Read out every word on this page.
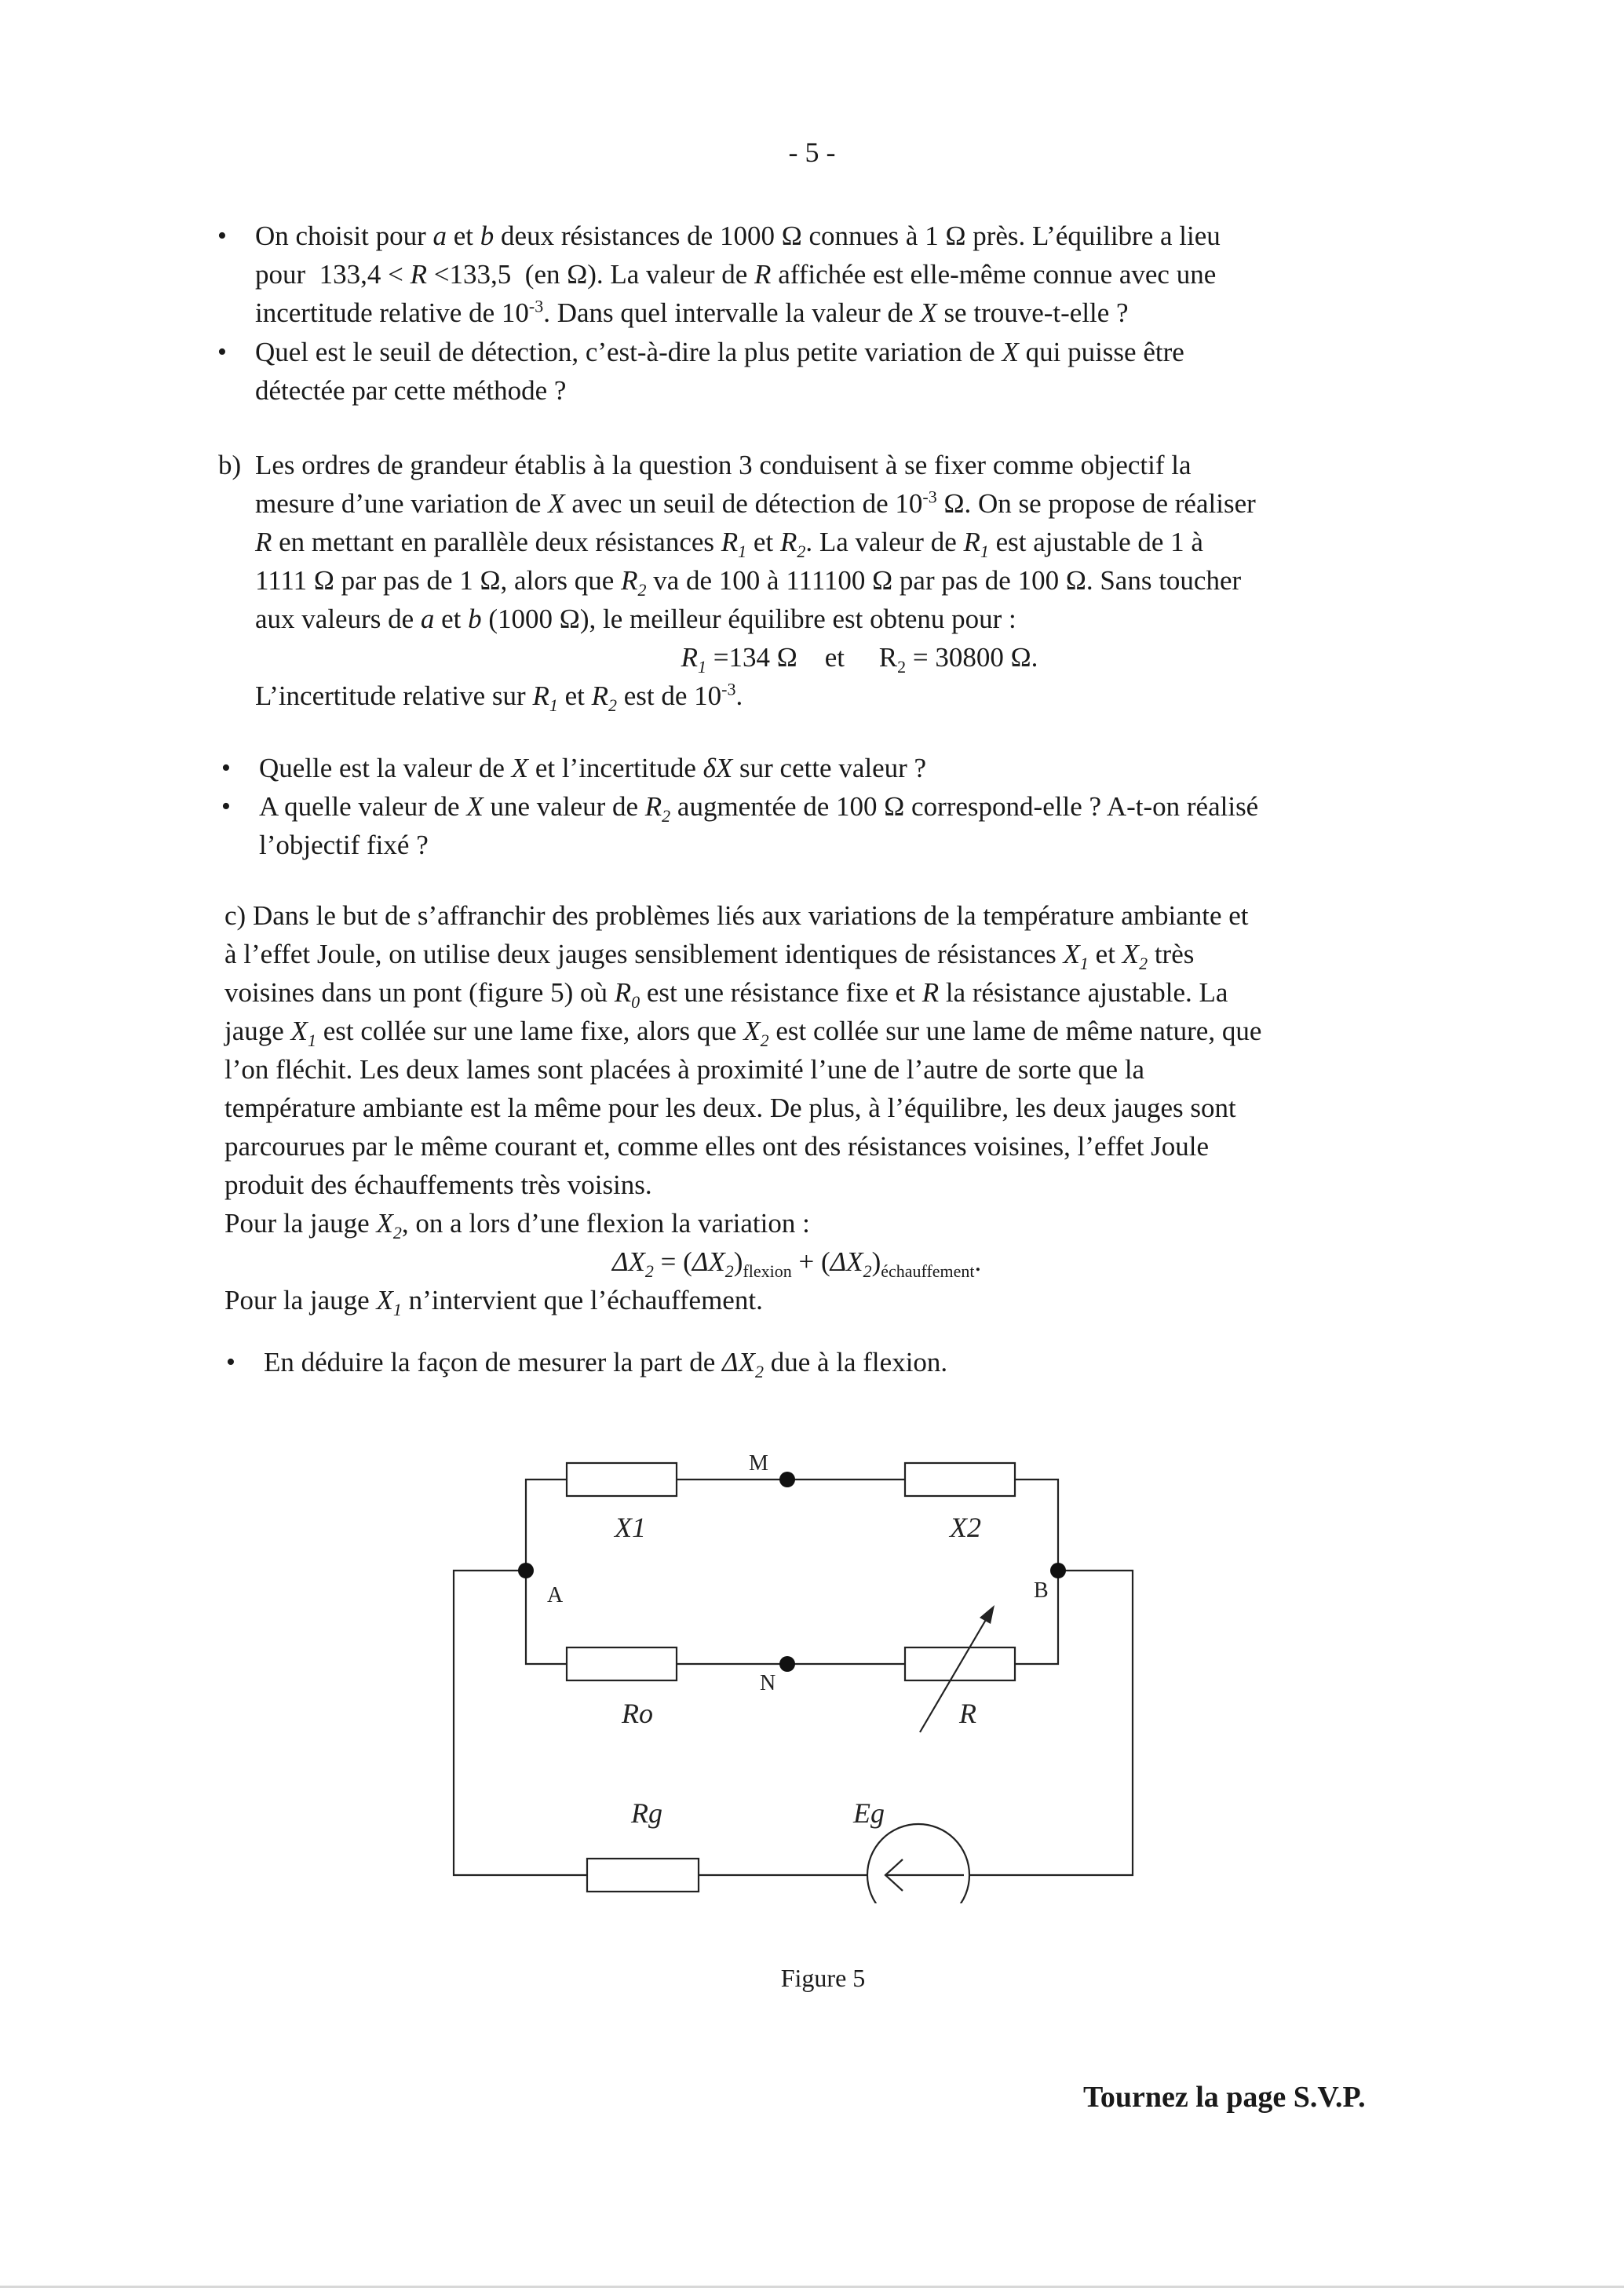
- 5 -
• On choisit pour a et b deux résistances de 1000 Ω connues à 1 Ω près. L’équilibre a lieu
pour  133,4 < R <133,5  (en Ω). La valeur de R affichée est elle-même connue avec une
incertitude relative de $10^{-3}$. Dans quel intervalle la valeur de X se trouve-t-elle ?
• Quel est le seuil de détection, c’est-à-dire la plus petite variation de X qui puisse être
détectée par cette méthode ?
b) Les ordres de grandeur établis à la question 3 conduisent à se fixer comme objectif la
mesure d’une variation de X avec un seuil de détection de $10^{-3}$ Ω. On se propose de réaliser
R en mettant en parallèle deux résistances $R_1$ et $R_2$. La valeur de $R_1$ est ajustable de 1 à
1111 Ω par pas de 1 Ω, alors que $R_2$ va de 100 à 111100 Ω par pas de 100 Ω. Sans toucher
aux valeurs de a et b (1000 Ω), le meilleur équilibre est obtenu pour :
$R_1 =134$ Ω    et     $R_2 = 30800$ Ω.
L’incertitude relative sur $R_1$ et $R_2$ est de $10^{-3}$.
• Quelle est la valeur de X et l’incertitude δX sur cette valeur ?
• A quelle valeur de X une valeur de $R_2$ augmentée de 100 Ω correspond-elle ? A-t-on réalisé
l’objectif fixé ?
c) Dans le but de s’affranchir des problèmes liés aux variations de la température ambiante et
à l’effet Joule, on utilise deux jauges sensiblement identiques de résistances $X_1$ et $X_2$ très
voisines dans un pont (figure 5) où $R_0$ est une résistance fixe et R la résistance ajustable. La
jauge $X_1$ est collée sur une lame fixe, alors que $X_2$ est collée sur une lame de même nature, que
l’on fléchit. Les deux lames sont placées à proximité l’une de l’autre de sorte que la
température ambiante est la même pour les deux. De plus, à l’équilibre, les deux jauges sont
parcourues par le même courant et, comme elles ont des résistances voisines, l’effet Joule
produit des échauffements très voisins.
Pour la jauge $X_2$, on a lors d’une flexion la variation :
$\Delta X_2 = (\Delta X_2)_{flexion} + (\Delta X_2)_{échauffement}$.
Pour la jauge $X_1$ n’intervient que l’échauffement.
• En déduire la façon de mesurer la part de $\Delta X_2$ due à la flexion.
X1	X2
Ro	R
Rg	Eg
M
N
A	B
Figure 5
Tournez la page S.V.P.
